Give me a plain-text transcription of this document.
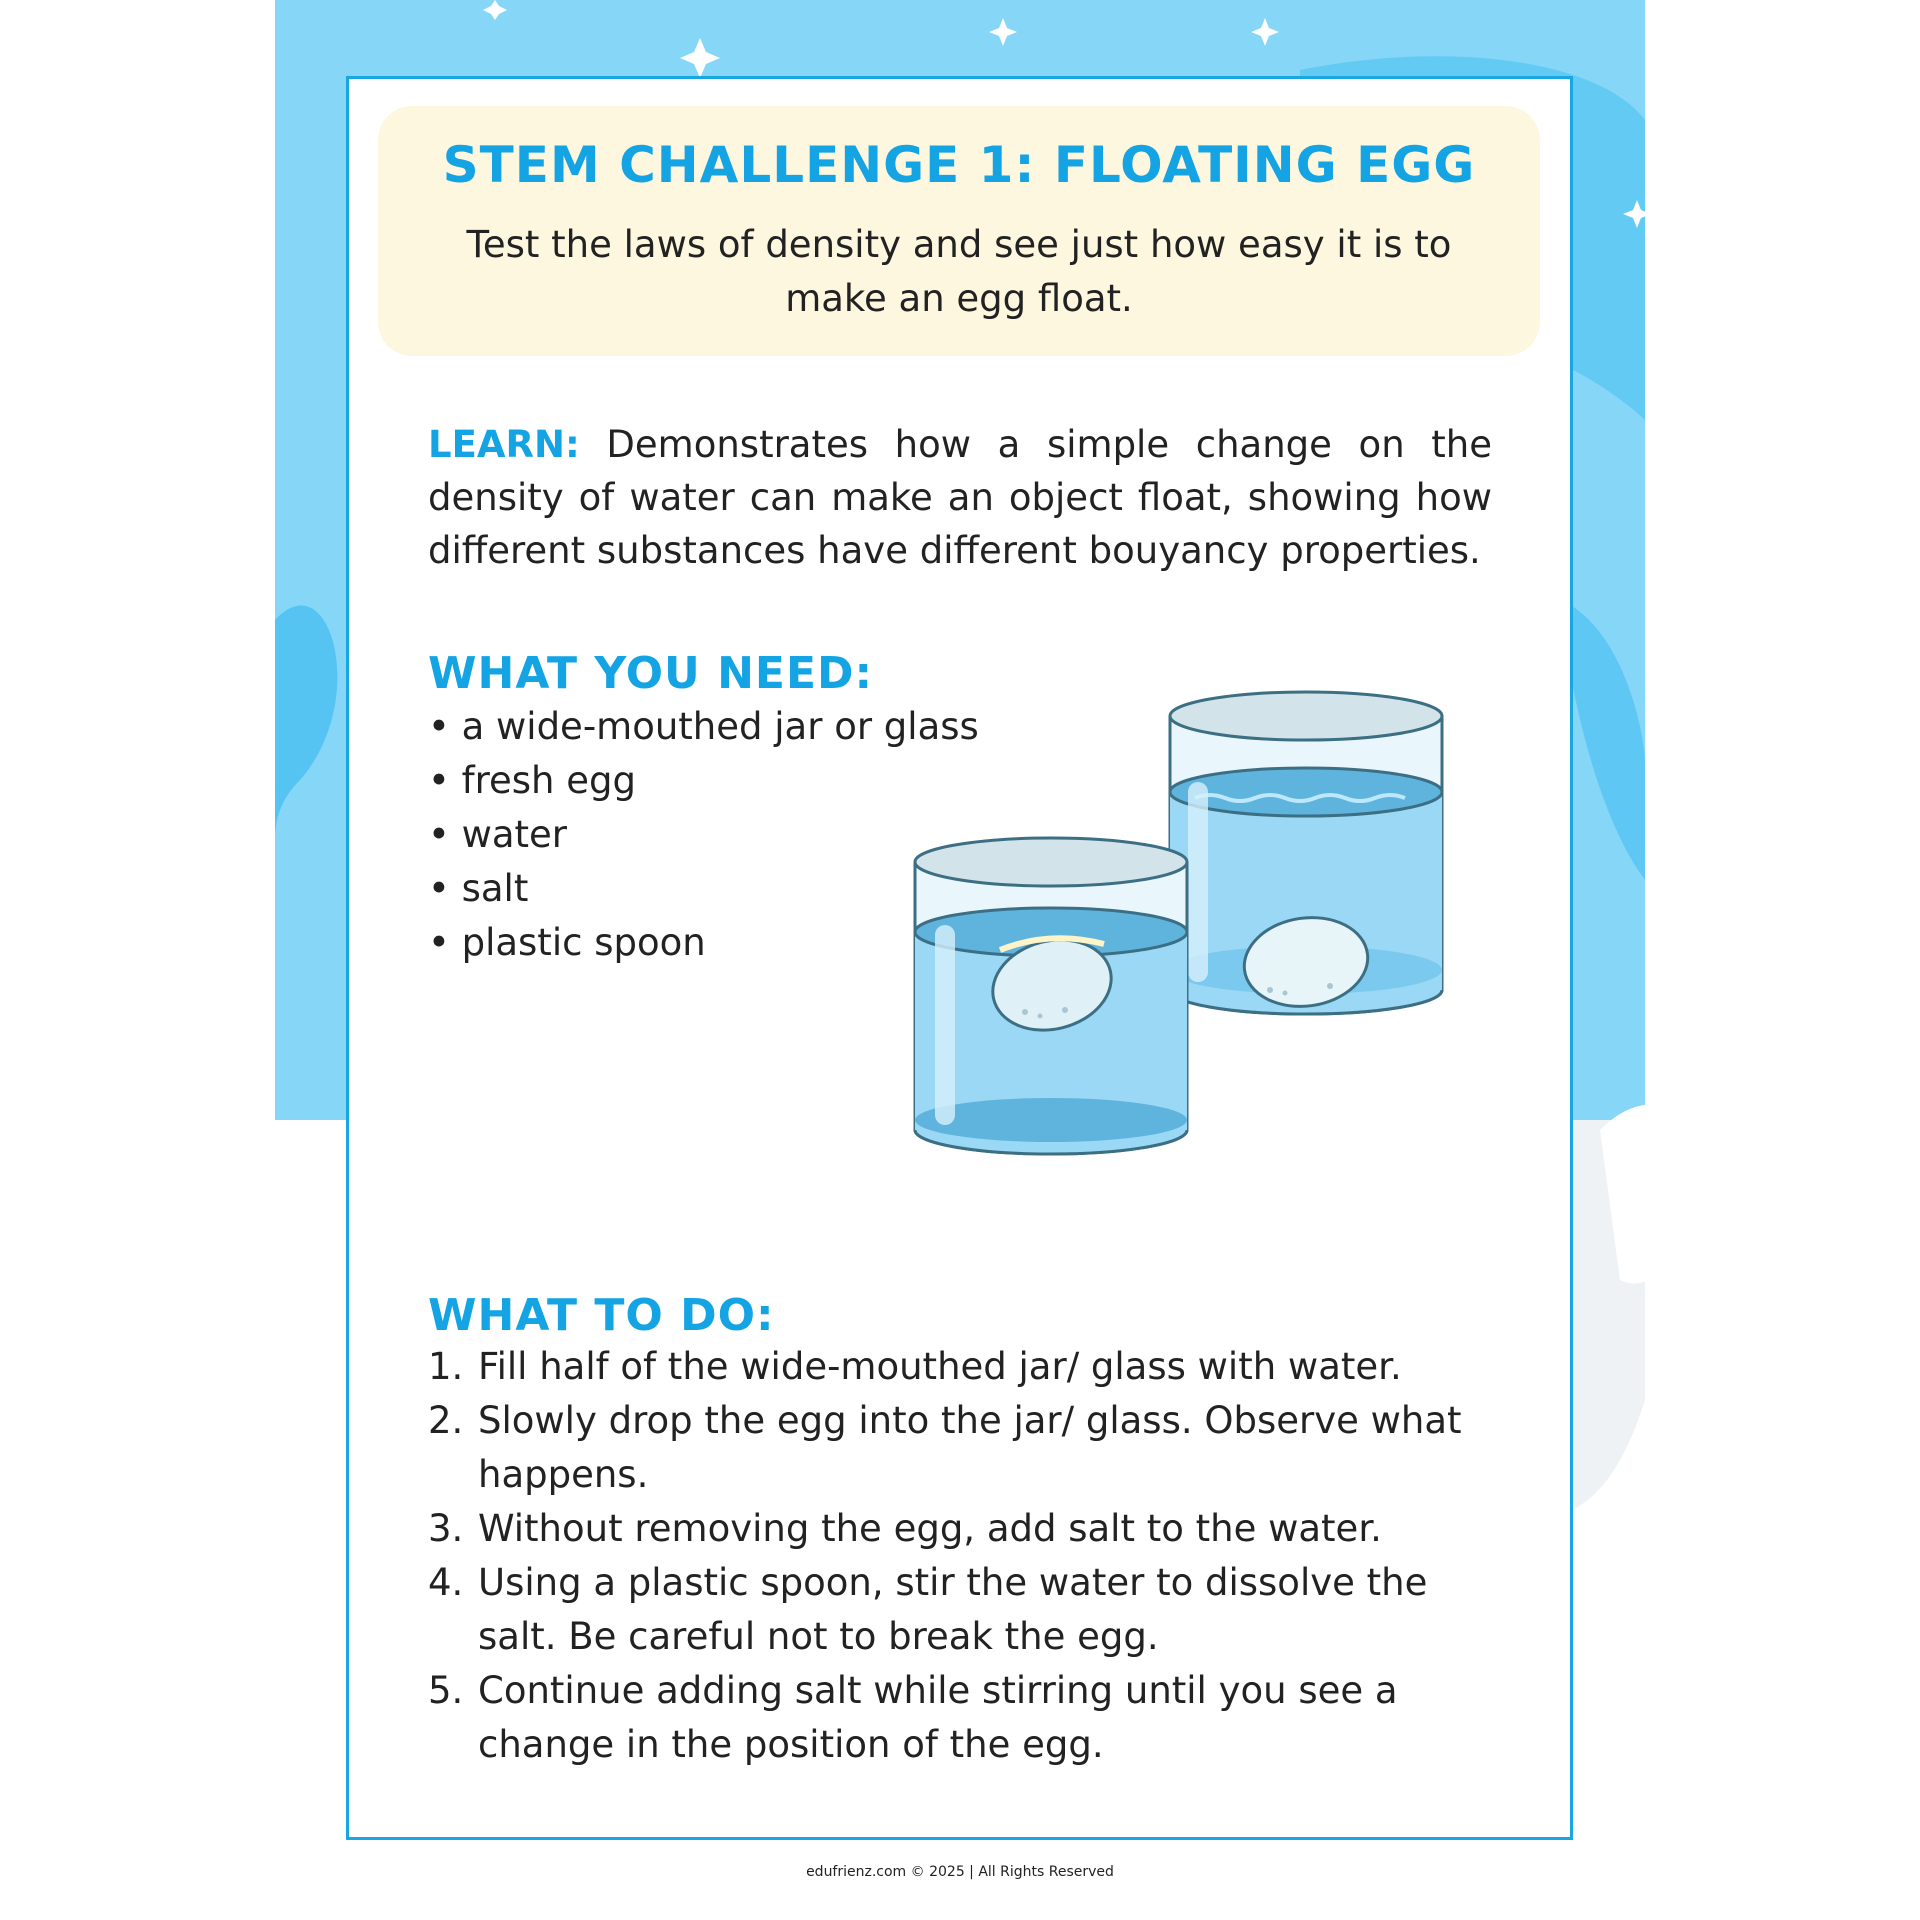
STEM CHALLENGE 1: FLOATING EGG

Test the laws of density and see just how easy it is to make an egg float.

LEARN: Demonstrates how a simple change on the density of water can make an object float, showing how different substances have different bouyancy properties.

WHAT YOU NEED:
• a wide-mouthed jar or glass
• fresh egg
• water
• salt
• plastic spoon
WHAT TO DO:
1. Fill half of the wide-mouthed jar/ glass with water.
2. Slowly drop the egg into the jar/ glass. Observe what happens.
3. Without removing the egg, add salt to the water.
4. Using a plastic spoon, stir the water to dissolve the salt. Be careful not to break the egg.
5. Continue adding salt while stirring until you see a change in the position of the egg.
edufrienz.com © 2025 | All Rights Reserved
